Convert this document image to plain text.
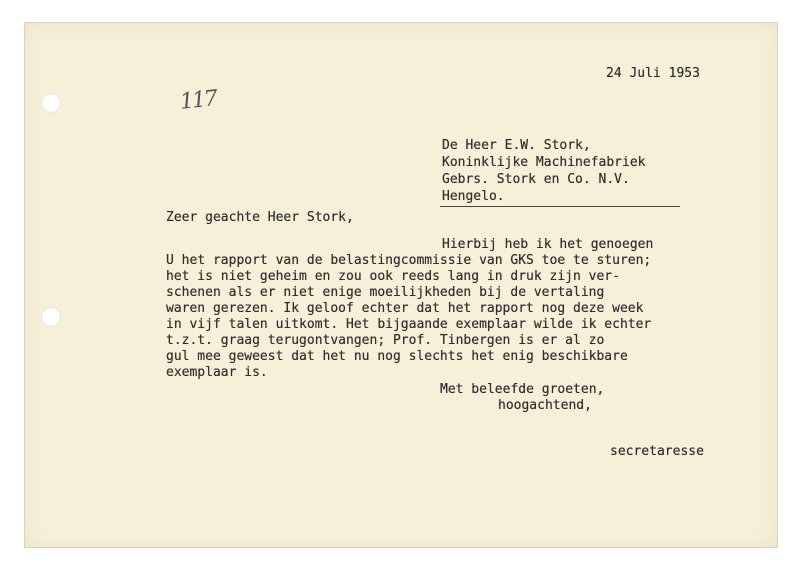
117
24 Juli 1953
De Heer E.W. Stork,
Koninklijke Machinefabriek
Gebrs. Stork en Co. N.V.
Hengelo.
Zeer geachte Heer Stork,
Hierbij heb ik het genoegen
U het rapport van de belastingcommissie van GKS toe te sturen;
het is niet geheim en zou ook reeds lang in druk zijn ver-
schenen als er niet enige moeilijkheden bij de vertaling
waren gerezen. Ik geloof echter dat het rapport nog deze week
in vijf talen uitkomt. Het bijgaande exemplaar wilde ik echter
t.z.t. graag terugontvangen; Prof. Tinbergen is er al zo
gul mee geweest dat het nu nog slechts het enig beschikbare
exemplaar is.
Met beleefde groeten,
hoogachtend,
secretaresse
